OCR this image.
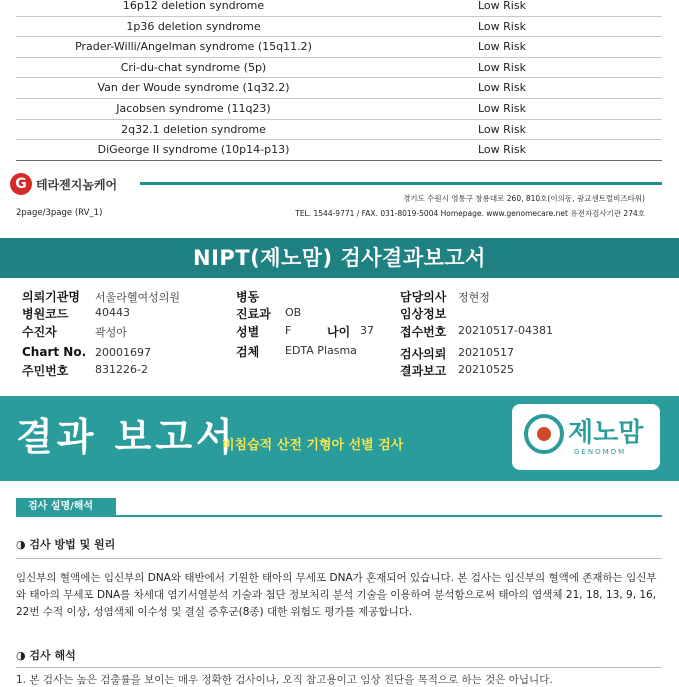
16p12 deletion syndrome	Low Risk
1p36 deletion syndrome	Low Risk
Prader-Willi/Angelman syndrome (15q11.2)	Low Risk
Cri-du-chat syndrome (5p)	Low Risk
Van der Woude syndrome (1q32.2)	Low Risk
Jacobsen syndrome (11q23)	Low Risk
2q32.1 deletion syndrome	Low Risk
DiGeorge II syndrome (10p14-p13)	Low Risk
G 테라젠지놈케어
경기도 수원시 영통구 창룡대로 260, 810호(이의동, 광교센트럴비즈타워)
TEL. 1544-9771 / FAX. 031-8019-5004 Homepage. www.genomecare.net 유전자검사기관 274호
2page/3page (RV_1)
NIPT(제노맘) 검사결과보고서
의뢰기관명 서울라헬여성의원
병원코드 40443
수진자	곽성아
Chart No. 20001697
주민번호 831226-2
병동
진료과 OB
성별 F	나이 37
검체 EDTA Plasma
담당의사 정현정
임상정보
접수번호 20210517-04381
검사의뢰 20210517
결과보고 20210525
결과 보고서
비침습적 산전 기형아 선별 검사	제노맘
GENOMOM
검사 설명/해석
◑ 검사 방법 및 원리
임신부의 혈액에는 임신부의 DNA와 태반에서 기원한 태아의 무세포 DNA가 혼재되어 있습니다. 본 검사는 임신부의 혈액에 존재하는 임신부와 태아의 무세포 DNA를 차세대 염기서열분석 기술과 첨단 정보처리 분석 기술을 이용하여 분석함으로써 태아의 염색체 21, 18, 13, 9, 16, 22번 수적 이상, 성염색체 이수성 및 결실 증후군(8종) 대한 위험도 평가를 제공합니다.
◑ 검사 해석
1. 본 검사는 높은 검출률을 보이는 매우 정확한 검사이나, 오직 참고용이고 임상 진단을 목적으로 하는 것은 아닙니다.
